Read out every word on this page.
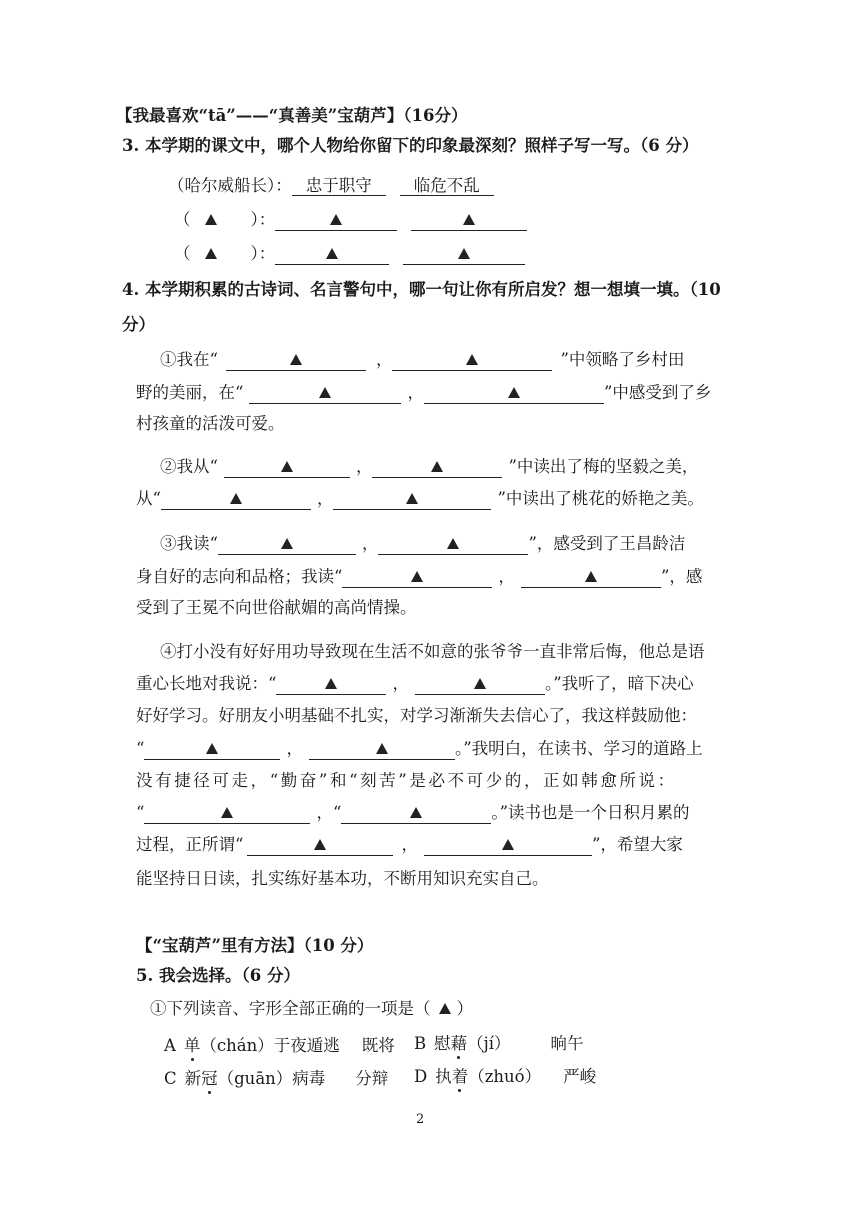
【我最喜欢“tā”——“真善美”宝葫芦】（16分）
3. 本学期的课文中，哪个人物给你留下的印象最深刻？照样子写一写。（6 分）
（哈尔威船长）： 忠于职守	临危不乱
（	）：
（	）：
4. 本学期积累的古诗词、名言警句中，哪一句让你有所启发？想一想填一填。（10
分）
①我在“	，	”中领略了乡村田
野的美丽，在“	，	”中感受到了乡
村孩童的活泼可爱。
②我从“	，	”中读出了梅的坚毅之美，
从“	，	”中读出了桃花的娇艳之美。
③我读“	，	”，感受到了王昌龄洁
身自好的志向和品格；我读“	，	”，感
受到了王冕不向世俗献媚的高尚情操。
④打小没有好好用功导致现在生活不如意的张爷爷一直非常后悔，他总是语
重心长地对我说：“	，	。”我听了，暗下决心
好好学习。好朋友小明基础不扎实，对学习渐渐失去信心了，我这样鼓励他：
“	，	。”我明白，在读书、学习的道路上
没有捷径可走，“勤奋”和“刻苦”是必不可少的，正如韩愈所说：
“	，“	。”读书也是一个日积月累的
过程，正所谓“	，	”，希望大家
能坚持日日读，扎实练好基本功，不断用知识充实自己。
【“宝葫芦”里有方法】（10 分）
5. 我会选择。（6 分）
①下列读音、字形全部正确的一项是（ ）
A 单（chán）于夜遁逃 既将 B 慰藉（jí） 晌午
C 新冠（guān）病毒 分辩 D 执着（zhuó） 严峻
2
